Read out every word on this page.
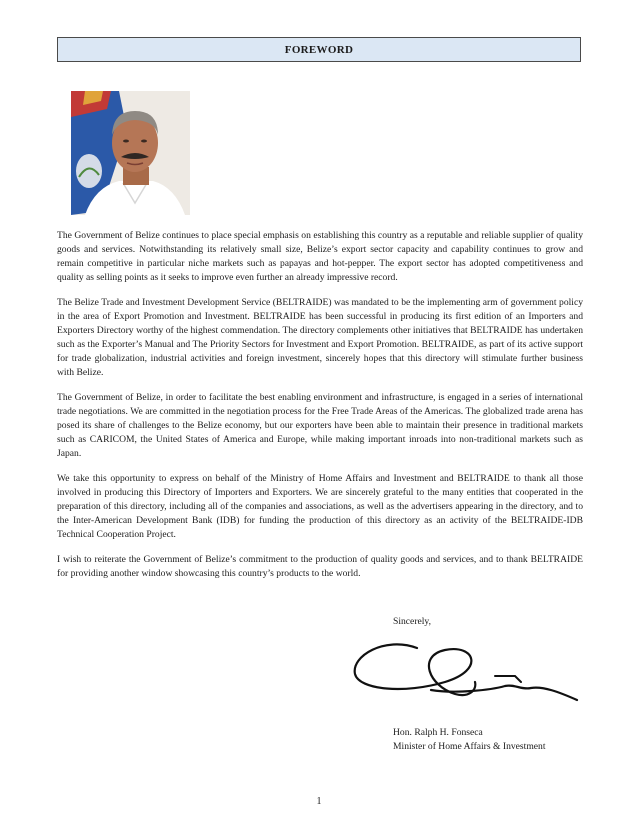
FOREWORD

The Government of Belize continues to place special emphasis on establishing this country as a reputable and reliable supplier of quality goods and services. Notwithstanding its relatively small size, Belize’s export sector capacity and capability continues to grow and remain competitive in particular niche markets such as papayas and hot-pepper. The export sector has adopted competitiveness and quality as selling points as it seeks to improve even further an already impressive record.

The Belize Trade and Investment Development Service (BELTRAIDE) was mandated to be the implementing arm of government policy in the area of Export Promotion and Investment. BELTRAIDE has been successful in producing its first edition of an Importers and Exporters Directory worthy of the highest commendation. The directory complements other initiatives that BELTRAIDE has undertaken such as the Exporter’s Manual and The Priority Sectors for Investment and Export Promotion. BELTRAIDE, as part of its active support for trade globalization, industrial activities and foreign investment, sincerely hopes that this directory will stimulate further business with Belize.

The Government of Belize, in order to facilitate the best enabling environment and infrastructure, is engaged in a series of international trade negotiations. We are committed in the negotiation process for the Free Trade Areas of the Americas. The globalized trade arena has posed its share of challenges to the Belize economy, but our exporters have been able to maintain their presence in traditional markets such as CARICOM, the United States of America and Europe, while making important inroads into non-traditional markets such as Japan.

We take this opportunity to express on behalf of the Ministry of Home Affairs and Investment and BELTRAIDE to thank all those involved in producing this Directory of Importers and Exporters. We are sincerely grateful to the many entities that cooperated in the preparation of this directory, including all of the companies and associations, as well as the advertisers appearing in the directory, and to the Inter-American Development Bank (IDB) for funding the production of this directory as an activity of the BELTRAIDE-IDB Technical Cooperation Project.

I wish to reiterate the Government of Belize’s commitment to the production of quality goods and services, and to thank BELTRAIDE for providing another window showcasing this country’s products to the world.

Sincerely,
Hon. Ralph H. Fonseca
Minister of Home Affairs & Investment
1
